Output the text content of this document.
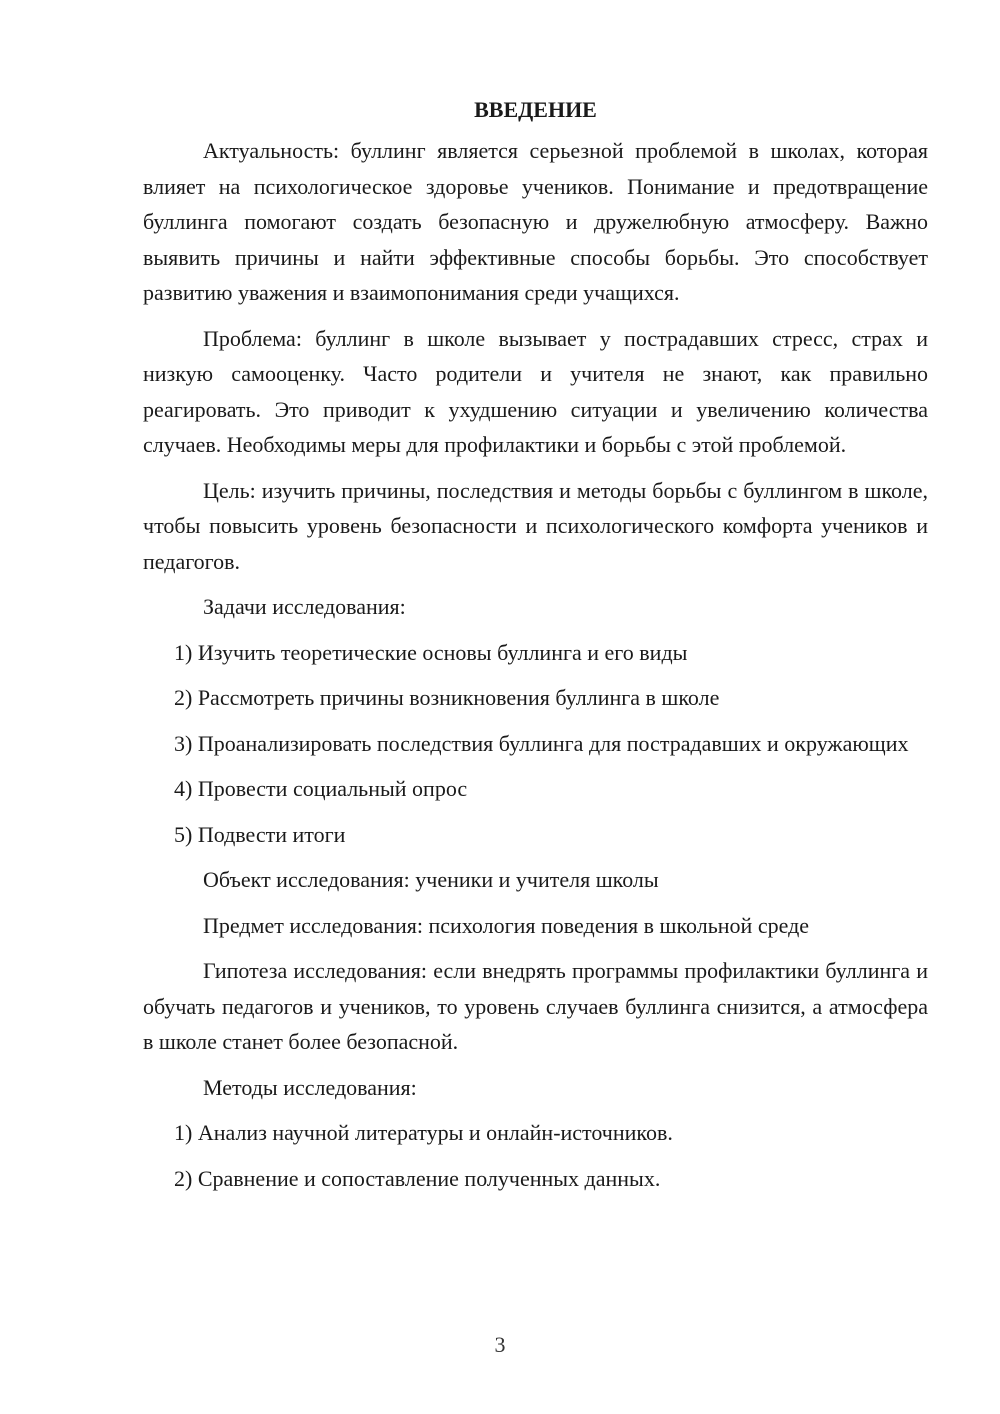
ВВЕДЕНИЕ

Актуальность: буллинг является серьезной проблемой в школах, которая влияет на психологическое здоровье учеников. Понимание и предотвращение буллинга помогают создать безопасную и дружелюбную атмосферу. Важно выявить причины и найти эффективные способы борьбы. Это способствует развитию уважения и взаимопонимания среди учащихся.

Проблема: буллинг в школе вызывает у пострадавших стресс, страх и низкую самооценку. Часто родители и учителя не знают, как правильно реагировать. Это приводит к ухудшению ситуации и увеличению количества случаев. Необходимы меры для профилактики и борьбы с этой проблемой.

Цель: изучить причины, последствия и методы борьбы с буллингом в школе, чтобы повысить уровень безопасности и психологического комфорта учеников и педагогов.

Задачи исследования:

1) Изучить теоретические основы буллинга и его виды

2) Рассмотреть причины возникновения буллинга в школе

3) Проанализировать последствия буллинга для пострадавших и окружающих

4) Провести социальный опрос

5) Подвести итоги

Объект исследования: ученики и учителя школы

Предмет исследования: психология поведения в школьной среде

Гипотеза исследования: если внедрять программы профилактики буллинга и обучать педагогов и учеников, то уровень случаев буллинга снизится, а атмосфера в школе станет более безопасной.

Методы исследования:

1) Анализ научной литературы и онлайн-источников.

2) Сравнение и сопоставление полученных данных.

3
